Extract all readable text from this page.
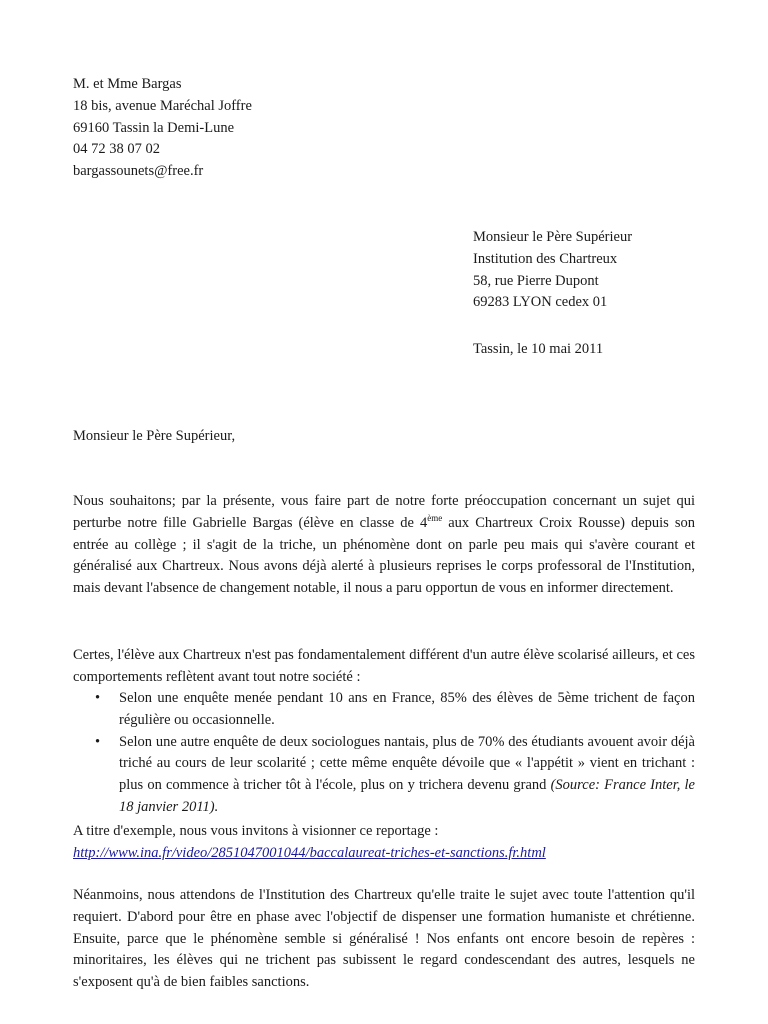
M. et Mme Bargas
18 bis, avenue Maréchal Joffre
69160 Tassin la Demi-Lune
04 72 38 07 02
bargassounets@free.fr
Monsieur le Père Supérieur
Institution des Chartreux
58, rue Pierre Dupont
69283 LYON cedex 01
Tassin, le 10 mai 2011
Monsieur le Père Supérieur,

Nous souhaitons; par la présente, vous faire part de notre forte préoccupation concernant un sujet qui perturbe notre fille Gabrielle Bargas (élève en classe de 4ème aux Chartreux Croix Rousse) depuis son entrée au collège ; il s'agit de la triche, un phénomène dont on parle peu mais qui s'avère courant et généralisé aux Chartreux. Nous avons déjà alerté à plusieurs reprises le corps professoral de l'Institution, mais devant l'absence de changement notable, il nous a paru opportun de vous en informer directement.

Certes, l'élève aux Chartreux n'est pas fondamentalement différent d'un autre élève scolarisé ailleurs, et ces comportements reflètent avant tout notre société :

• Selon une enquête menée pendant 10 ans en France, 85% des élèves de 5ème trichent de façon régulière ou occasionnelle.
• Selon une autre enquête de deux sociologues nantais, plus de 70% des étudiants avouent avoir déjà triché au cours de leur scolarité ; cette même enquête dévoile que « l'appétit » vient en trichant : plus on commence à tricher tôt à l'école, plus on y trichera devenu grand (Source: France Inter, le 18 janvier 2011).
A titre d'exemple, nous vous invitons à visionner ce reportage :
http://www.ina.fr/video/2851047001044/baccalaureat-triches-et-sanctions.fr.html

Néanmoins, nous attendons de l'Institution des Chartreux qu'elle traite le sujet avec toute l'attention qu'il requiert. D'abord pour être en phase avec l'objectif de dispenser une formation humaniste et chrétienne. Ensuite, parce que le phénomène semble si généralisé ! Nos enfants ont encore besoin de repères : minoritaires, les élèves qui ne trichent pas subissent le regard condescendant des autres, lesquels ne s'exposent qu'à de bien faibles sanctions.
